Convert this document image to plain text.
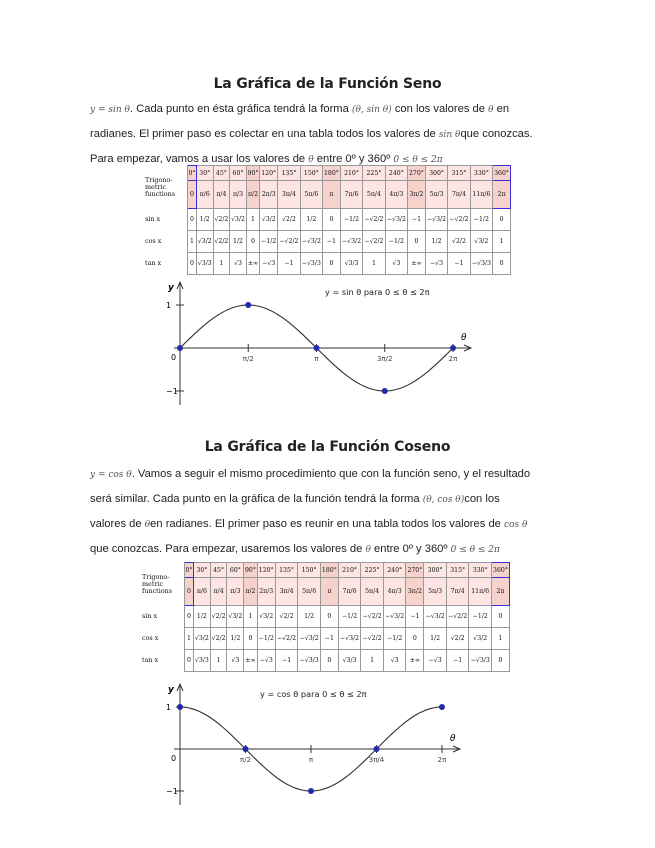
La Gráfica de la Función Seno
y = sin θ. Cada punto en ésta gráfica tendrá la forma (θ, sin θ) con los valores de θ en
radianes. El primer paso es colectar en una tabla todos los valores de sin θque conozcas.
Para empezar, vamos a usar los valores de θ entre 0º y 360º 0 ≤ θ ≤ 2π
Trigono-metric functions	0°	30°	45°	60°	90°	120°	135°	150°	180°	210°	225°	240°	270°	300°	315°	330°	360°
	0	π/6	π/4	π/3	π/2	2π/3	3π/4	5π/6	π	7π/6	5π/4	4π/3	3π/2	5π/3	7π/4	11π/6	2π
sin x	0	1/2	√2/2	√3/2	1	√3/2	√2/2	1/2	0	−1/2	−√2/2	−√3/2	−1	−√3/2	−√2/2	−1/2	0
cos x	1	√3/2	√2/2	1/2	0	−1/2	−√2/2	−√3/2	−1	−√3/2	−√2/2	−1/2	0	1/2	√2/2	√3/2	1
tan x	0	√3/3	1	√3	±∞	−√3	−1	−√3/3	0	√3/3	1	√3	±∞	−√3	−1	−√3/3	0
y
θ
0
1
−1
π/2	π	3π/2	2π
y = sin θ para 0 ≤ θ ≤ 2π
La Gráfica de la Función Coseno
y = cos θ. Vamos a seguir el mismo procedimiento que con la función seno, y el resultado
será similar. Cada punto en la gráfica de la función tendrá la forma (θ, cos θ)con los
valores de θen radianes. El primer paso es reunir en una tabla todos los valores de cos θ
que conozcas. Para empezar, usaremos los valores de θ entre 0º y 360º 0 ≤ θ ≤ 2π
Trigono-metric functions	0°	30°	45°	60°	90°	120°	135°	150°	180°	210°	225°	240°	270°	300°	315°	330°	360°
	0	π/6	π/4	π/3	π/2	2π/3	3π/4	5π/6	π	7π/6	5π/4	4π/3	3π/2	5π/3	7π/4	11π/6	2π
sin x	0	1/2	√2/2	√3/2	1	√3/2	√2/2	1/2	0	−1/2	−√2/2	−√3/2	−1	−√3/2	−√2/2	−1/2	0
cos x	1	√3/2	√2/2	1/2	0	−1/2	−√2/2	−√3/2	−1	−√3/2	−√2/2	−1/2	0	1/2	√2/2	√3/2	1
tan x	0	√3/3	1	√3	±∞	−√3	−1	−√3/3	0	√3/3	1	√3	±∞	−√3	−1	−√3/3	0
y
θ
0
1
−1
π/2	π	3π/4	2π
y = cos θ para 0 ≤ θ ≤ 2π
